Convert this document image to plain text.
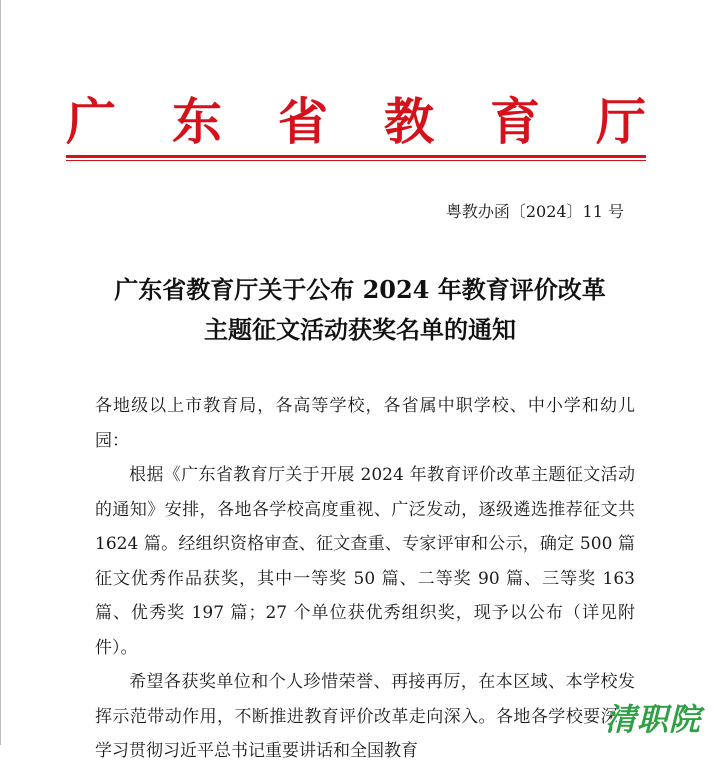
广 东 省 教 育 厅
粤教办函〔2024〕11 号
广东省教育厅关于公布 2024 年教育评价改革
主题征文活动获奖名单的通知

各地级以上市教育局，各高等学校，各省属中职学校、中小学和幼儿园：

根据《广东省教育厅关于开展 2024 年教育评价改革主题征文活动的通知》安排，各地各学校高度重视、广泛发动，逐级遴选推荐征文共 1624 篇。经组织资格审查、征文查重、专家评审和公示，确定 500 篇征文优秀作品获奖，其中一等奖 50 篇、二等奖 90 篇、三等奖 163 篇、优秀奖 197 篇；27 个单位获优秀组织奖，现予以公布（详见附件）。

希望各获奖单位和个人珍惜荣誉、再接再厉，在本区域、本学校发挥示范带动作用，不断推进教育评价改革走向深入。各地各学校要深入学习贯彻习近平总书记重要讲话和全国教育

清职院
